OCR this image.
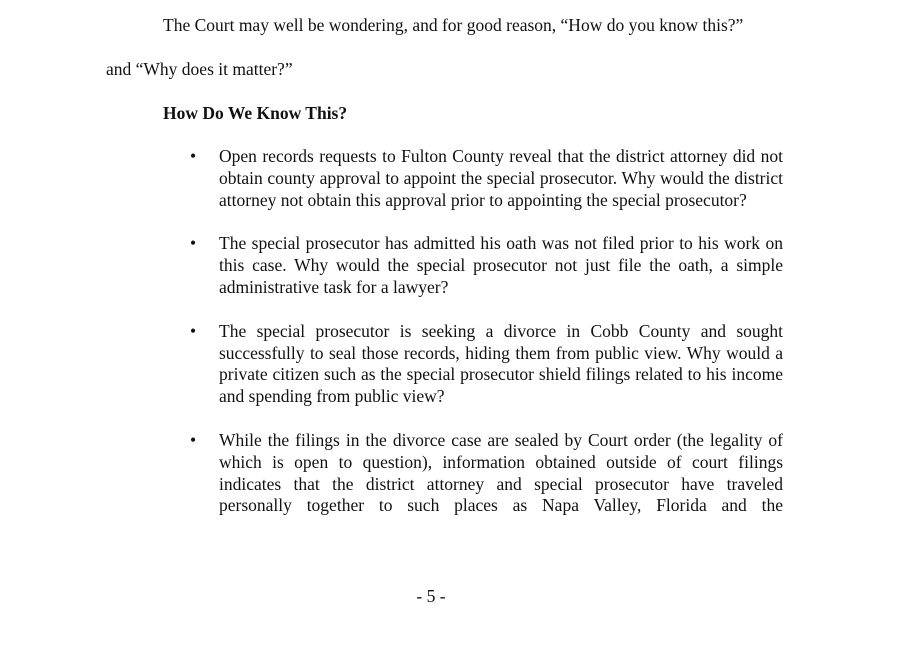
The Court may well be wondering, and for good reason, “How do you know this?”
and “Why does it matter?”
How Do We Know This?
•	Open records requests to Fulton County reveal that the district attorney did not obtain county approval to appoint the special prosecutor. Why would the district attorney not obtain this approval prior to appointing the special prosecutor?
•	The special prosecutor has admitted his oath was not filed prior to his work on this case. Why would the special prosecutor not just file the oath, a simple administrative task for a lawyer?
•	The special prosecutor is seeking a divorce in Cobb County and sought successfully to seal those records, hiding them from public view. Why would a private citizen such as the special prosecutor shield filings related to his income and spending from public view?
•	While the filings in the divorce case are sealed by Court order (the legality of which is open to question), information obtained outside of court filings indicates that the district attorney and special prosecutor have traveled personally together to such places as Napa Valley, Florida and the
- 5 -
